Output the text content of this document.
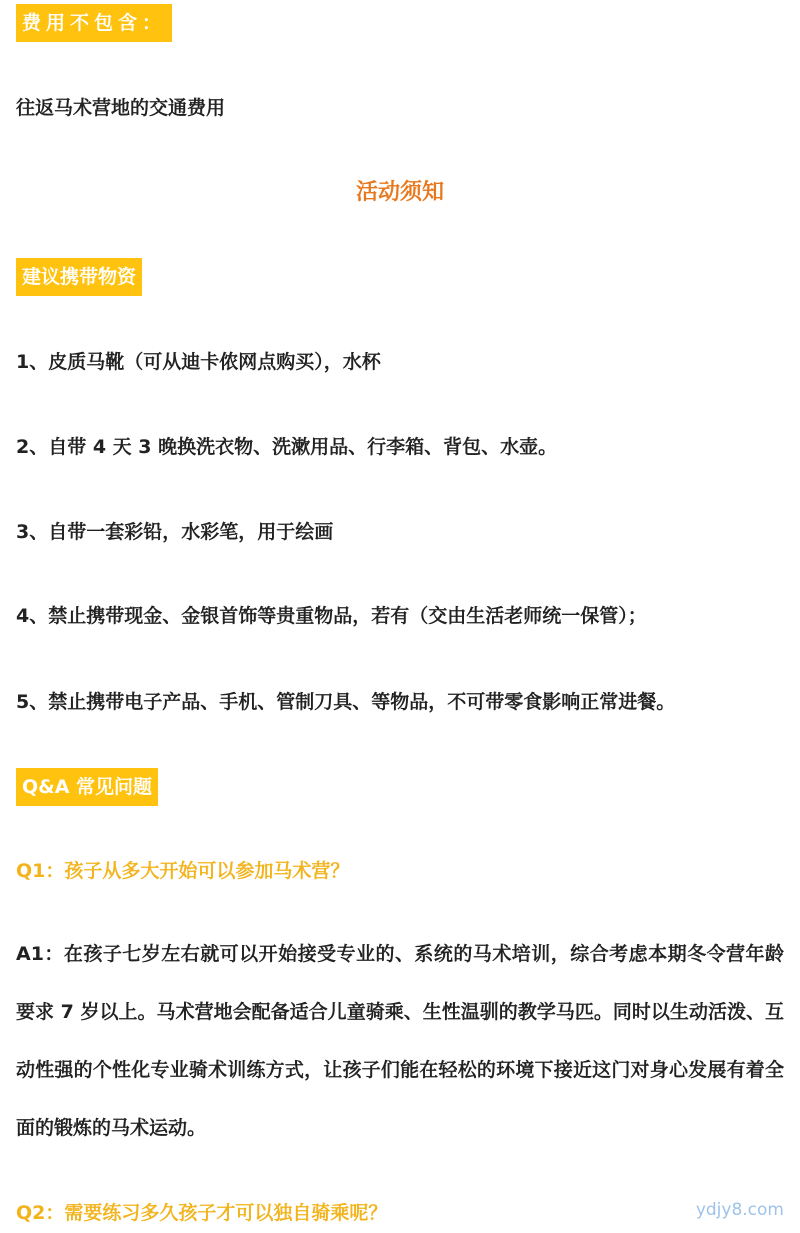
费用不包含：
往返马术营地的交通费用
活动须知
建议携带物资
1、皮质马靴（可从迪卡侬网点购买），水杯
2、自带 4 天 3 晚换洗衣物、洗漱用品、行李箱、背包、水壶。
3、自带一套彩铅，水彩笔，用于绘画
4、禁止携带现金、金银首饰等贵重物品，若有（交由生活老师统一保管）；
5、禁止携带电子产品、手机、管制刀具、等物品，不可带零食影响正常进餐。
Q&A 常见问题
Q1：孩子从多大开始可以参加马术营？
A1：在孩子七岁左右就可以开始接受专业的、系统的马术培训，综合考虑本期冬令营年龄要求 7 岁以上。马术营地会配备适合儿童骑乘、生性温驯的教学马匹。同时以生动活泼、互动性强的个性化专业骑术训练方式，让孩子们能在轻松的环境下接近这门对身心发展有着全面的锻炼的马术运动。
Q2：需要练习多久孩子才可以独自骑乘呢？	ydjy8.com
